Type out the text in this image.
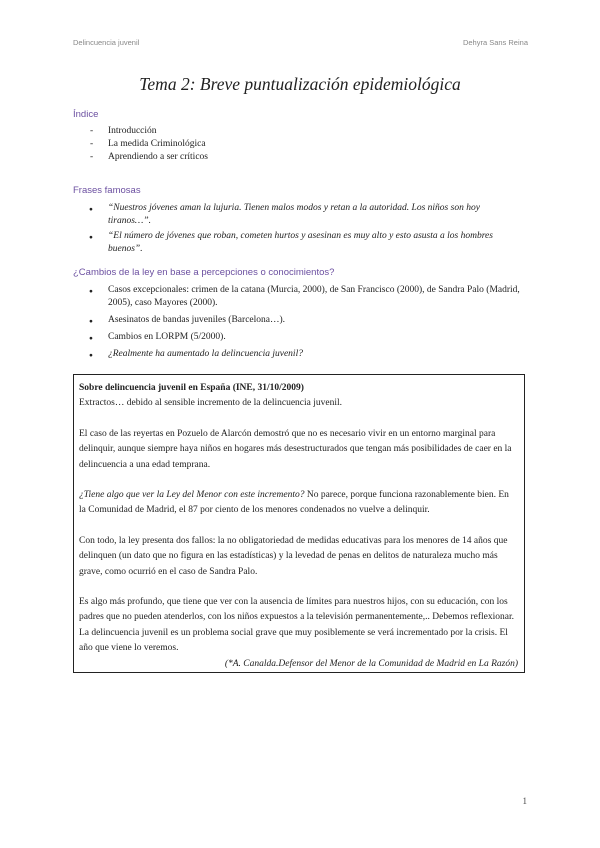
Delincuencia juvenil	Dehyra Sans Reina
Tema 2: Breve puntualización epidemiológica
Índice
- Introducción
- La medida Criminológica
- Aprendiendo a ser críticos
Frases famosas
● “Nuestros jóvenes aman la lujuria. Tienen malos modos y retan a la autoridad. Los niños son hoy tiranos…”.
● “El número de jóvenes que roban, cometen hurtos y asesinan es muy alto y esto asusta a los hombres buenos”.
¿Cambios de la ley en base a percepciones o conocimientos?
● Casos excepcionales: crimen de la catana (Murcia, 2000), de San Francisco (2000), de Sandra Palo (Madrid, 2005), caso Mayores (2000).
● Asesinatos de bandas juveniles (Barcelona…).
● Cambios en LORPM (5/2000).
● ¿Realmente ha aumentado la delincuencia juvenil?

Sobre delincuencia juvenil en España (INE, 31/10/2009)

Extractos… debido al sensible incremento de la delincuencia juvenil.

El caso de las reyertas en Pozuelo de Alarcón demostró que no es necesario vivir en un entorno marginal para delinquir, aunque siempre haya niños en hogares más desestructurados que tengan más posibilidades de caer en la delincuencia a una edad temprana.

¿Tiene algo que ver la Ley del Menor con este incremento? No parece, porque funciona razonablemente bien. En la Comunidad de Madrid, el 87 por ciento de los menores condenados no vuelve a delinquir.

Con todo, la ley presenta dos fallos: la no obligatoriedad de medidas educativas para los menores de 14 años que delinquen (un dato que no figura en las estadísticas) y la levedad de penas en delitos de naturaleza mucho más grave, como ocurrió en el caso de Sandra Palo.

Es algo más profundo, que tiene que ver con la ausencia de límites para nuestros hijos, con su educación, con los padres que no pueden atenderlos, con los niños expuestos a la televisión permanentemente,.. Debemos reflexionar. La delincuencia juvenil es un problema social grave que muy posiblemente se verá incrementado por la crisis. El año que viene lo veremos.

(*A. Canalda.Defensor del Menor de la Comunidad de Madrid en La Razón)

1
